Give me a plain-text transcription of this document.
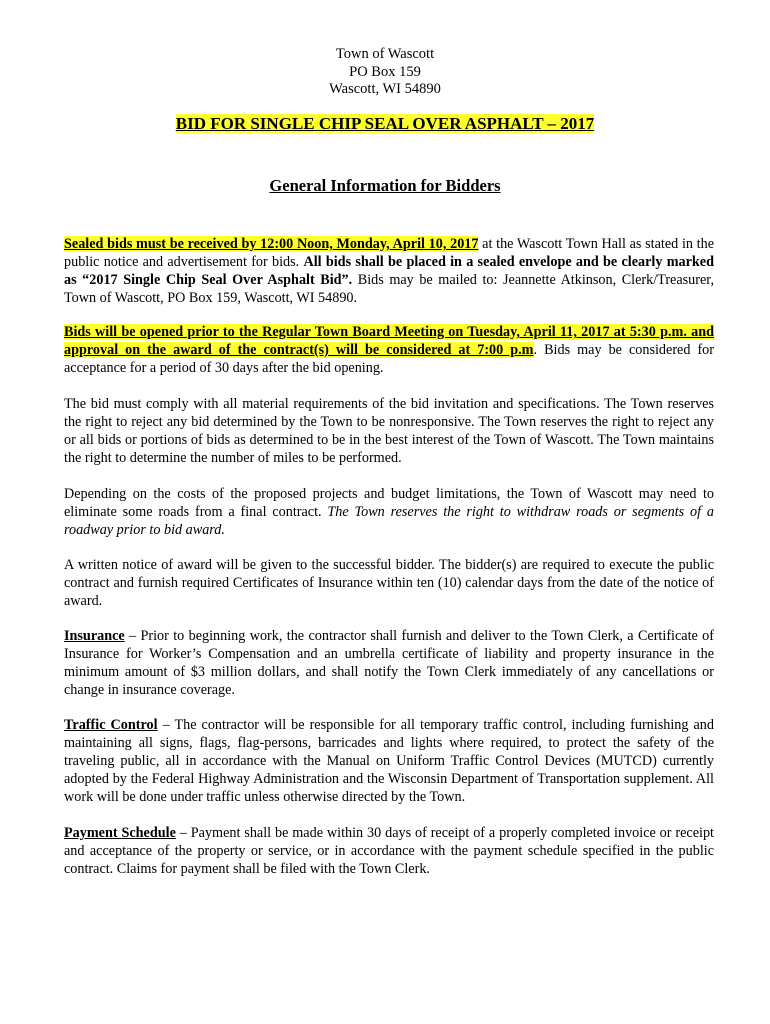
Town of Wascott
PO Box 159
Wascott, WI 54890
BID FOR SINGLE CHIP SEAL OVER ASPHALT – 2017
General Information for Bidders

Sealed bids must be received by 12:00 Noon, Monday, April 10, 2017 at the Wascott Town Hall as stated in the public notice and advertisement for bids. All bids shall be placed in a sealed envelope and be clearly marked as “2017 Single Chip Seal Over Asphalt Bid”. Bids may be mailed to: Jeannette Atkinson, Clerk/Treasurer, Town of Wascott, PO Box 159, Wascott, WI 54890.

Bids will be opened prior to the Regular Town Board Meeting on Tuesday, April 11, 2017 at 5:30 p.m. and approval on the award of the contract(s) will be considered at 7:00 p.m. Bids may be considered for acceptance for a period of 30 days after the bid opening.

The bid must comply with all material requirements of the bid invitation and specifications. The Town reserves the right to reject any bid determined by the Town to be nonresponsive. The Town reserves the right to reject any or all bids or portions of bids as determined to be in the best interest of the Town of Wascott. The Town maintains the right to determine the number of miles to be performed.

Depending on the costs of the proposed projects and budget limitations, the Town of Wascott may need to eliminate some roads from a final contract. The Town reserves the right to withdraw roads or segments of a roadway prior to bid award.

A written notice of award will be given to the successful bidder. The bidder(s) are required to execute the public contract and furnish required Certificates of Insurance within ten (10) calendar days from the date of the notice of award.

Insurance – Prior to beginning work, the contractor shall furnish and deliver to the Town Clerk, a Certificate of Insurance for Worker’s Compensation and an umbrella certificate of liability and property insurance in the minimum amount of $3 million dollars, and shall notify the Town Clerk immediately of any cancellations or change in insurance coverage.

Traffic Control – The contractor will be responsible for all temporary traffic control, including furnishing and maintaining all signs, flags, flag-persons, barricades and lights where required, to protect the safety of the traveling public, all in accordance with the Manual on Uniform Traffic Control Devices (MUTCD) currently adopted by the Federal Highway Administration and the Wisconsin Department of Transportation supplement. All work will be done under traffic unless otherwise directed by the Town.

Payment Schedule – Payment shall be made within 30 days of receipt of a properly completed invoice or receipt and acceptance of the property or service, or in accordance with the payment schedule specified in the public contract. Claims for payment shall be filed with the Town Clerk.
